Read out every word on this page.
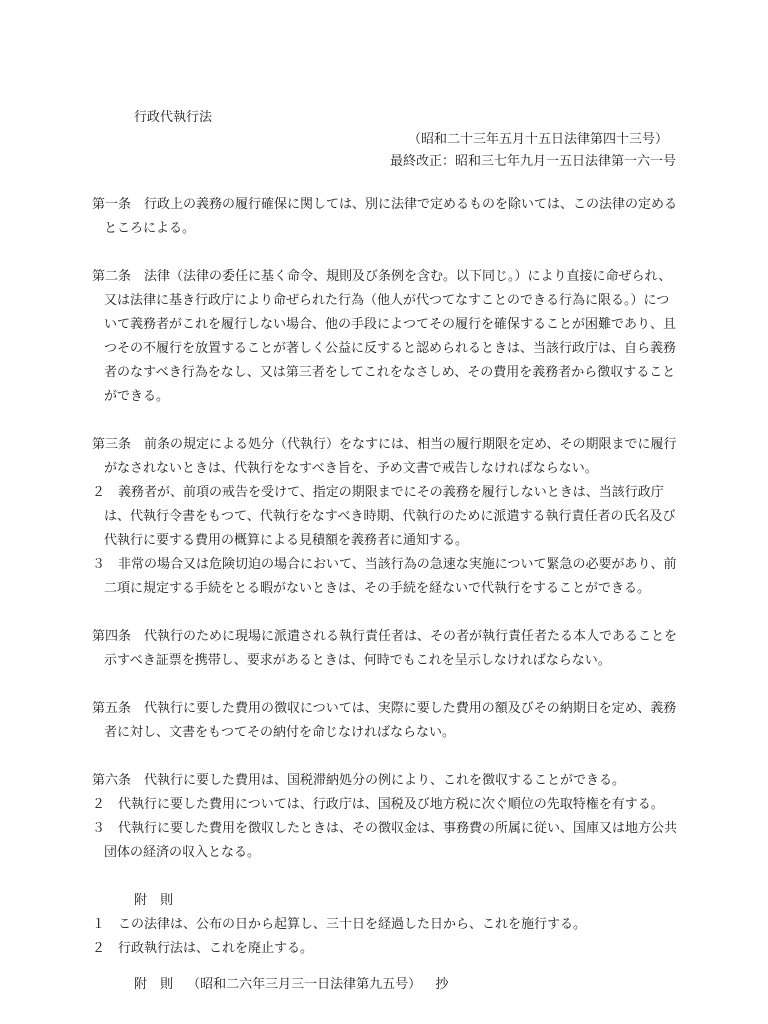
行政代執行法
（昭和二十三年五月十五日法律第四十三号）
最終改正：昭和三七年九月一五日法律第一六一号

第一条　行政上の義務の履行確保に関しては、別に法律で定めるものを除いては、この法律の定めるところによる。

第二条　法律（法律の委任に基く命令、規則及び条例を含む。以下同じ。）により直接に命ぜられ、又は法律に基き行政庁により命ぜられた行為（他人が代つてなすことのできる行為に限る。）について義務者がこれを履行しない場合、他の手段によつてその履行を確保することが困難であり、且つその不履行を放置することが著しく公益に反すると認められるときは、当該行政庁は、自ら義務者のなすべき行為をなし、又は第三者をしてこれをなさしめ、その費用を義務者から徴収することができる。

第三条　前条の規定による処分（代執行）をなすには、相当の履行期限を定め、その期限までに履行がなされないときは、代執行をなすべき旨を、予め文書で戒告しなければならない。

２　義務者が、前項の戒告を受けて、指定の期限までにその義務を履行しないときは、当該行政庁は、代執行令書をもつて、代執行をなすべき時期、代執行のために派遣する執行責任者の氏名及び代執行に要する費用の概算による見積額を義務者に通知する。

３　非常の場合又は危険切迫の場合において、当該行為の急速な実施について緊急の必要があり、前二項に規定する手続をとる暇がないときは、その手続を経ないで代執行をすることができる。

第四条　代執行のために現場に派遣される執行責任者は、その者が執行責任者たる本人であることを示すべき証票を携帯し、要求があるときは、何時でもこれを呈示しなければならない。

第五条　代執行に要した費用の徴収については、実際に要した費用の額及びその納期日を定め、義務者に対し、文書をもつてその納付を命じなければならない。

第六条　代執行に要した費用は、国税滞納処分の例により、これを徴収することができる。

２　代執行に要した費用については、行政庁は、国税及び地方税に次ぐ順位の先取特権を有する。

３　代執行に要した費用を徴収したときは、その徴収金は、事務費の所属に従い、国庫又は地方公共団体の経済の収入となる。

附　則

１　この法律は、公布の日から起算し、三十日を経過した日から、これを施行する。

２　行政執行法は、これを廃止する。

附　則 （昭和二六年三月三一日法律第九五号） 抄
